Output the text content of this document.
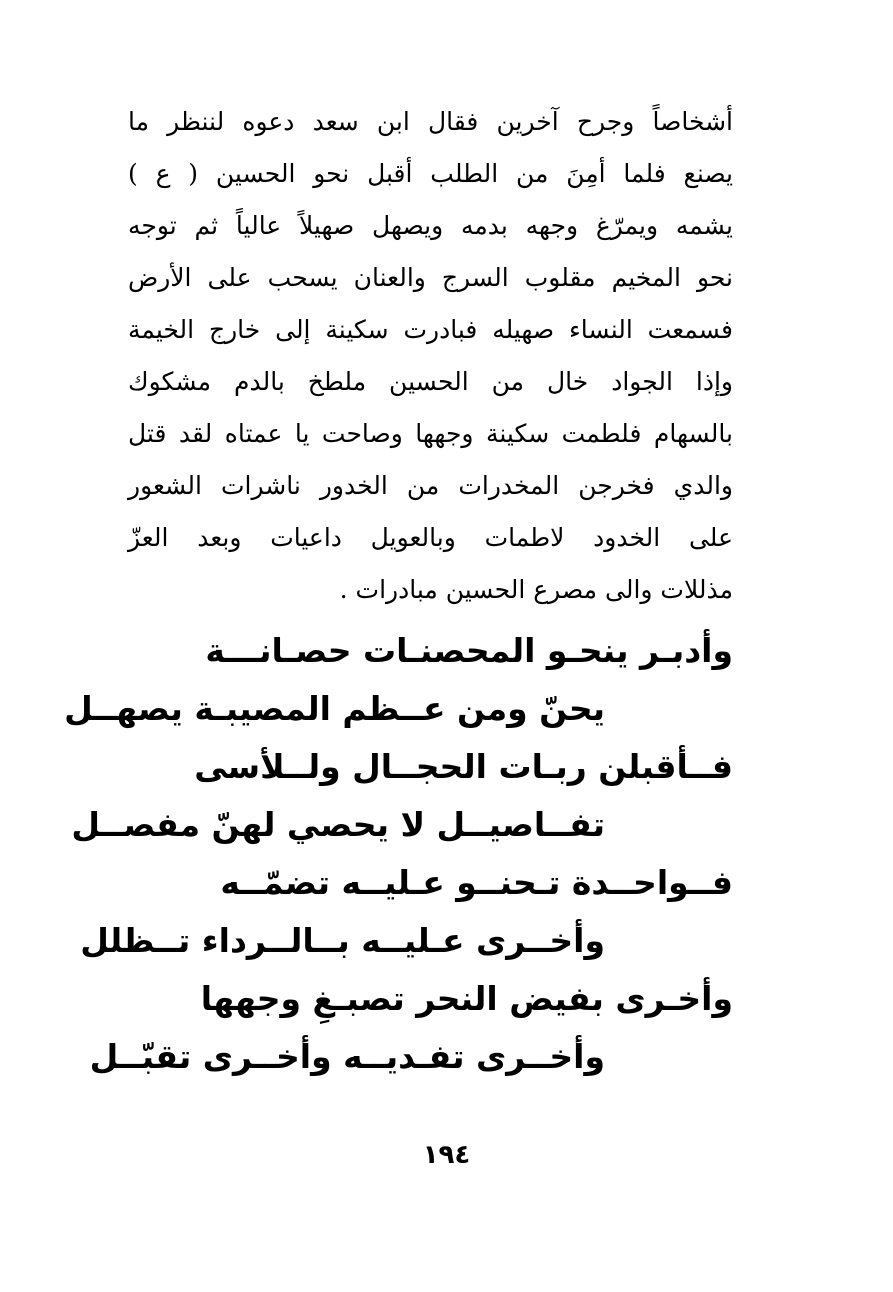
أشخاصاً وجرح آخرين فقال ابن سعد دعوه لننظر ما
يصنع فلما أمِنَ من الطلب أقبل نحو الحسين ( ع )
يشمه ويمرّغ وجهه بدمه ويصهل صهيلاً عالياً ثم توجه
نحو المخيم مقلوب السرج والعنان يسحب على الأرض
فسمعت النساء صهيله فبادرت سكينة إلى خارج الخيمة
وإذا الجواد خال من الحسين ملطخ بالدم مشكوك
بالسهام فلطمت سكينة وجهها وصاحت يا عمتاه لقد قتل
والدي فخرجن المخدرات من الخدور ناشرات الشعور
على الخدود لاطمات وبالعويل داعيات وبعد العزّ
مذللات والى مصرع الحسين مبادرات .
وأدبـر ينحـو المحصنـات حصـانـــة
يحنّ ومن عــظم المصيبـة يصهــل
فــأقبلن ربـات الحجــال ولــلأسى
تفــاصيــل لا يحصي لهنّ مفصــل
فــواحــدة تـحنــو عـليــه تضمّــه
وأخــرى عـليــه بــالــرداء تــظلل
وأخـرى بفيض النحر تصبـغِ وجهها
وأخــرى تفـديــه وأخــرى تقبّــل
١٩٤
